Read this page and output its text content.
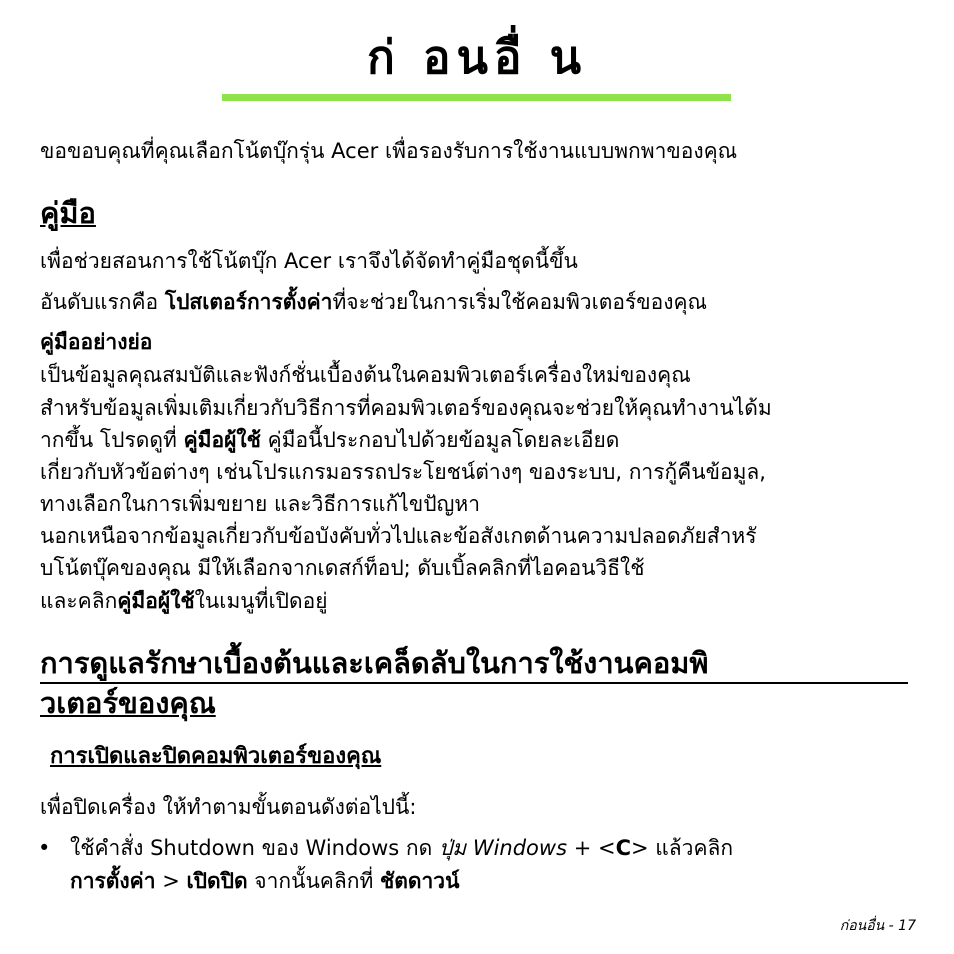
ก่ อนอื่ น

ขอขอบคุณที่คุณเลือกโน้ตบุ๊กรุ่น Acer เพื่อรองรับการใช้งานแบบพกพาของคุณ

คู่มือ

เพื่อช่วยสอนการใช้โน้ตบุ๊ก Acer เราจึงได้จัดทำคู่มือชุดนี้ขึ้น

อันดับแรกคือ โปสเตอร์การตั้งค่าที่จะช่วยในการเริ่มใช้คอมพิวเตอร์ของคุณ

คู่มืออย่างย่อ

เป็นข้อมูลคุณสมบัติและฟังก์ชั่นเบื้องต้นในคอมพิวเตอร์เครื่องใหม่ของคุณ

สำหรับข้อมูลเพิ่มเติมเกี่ยวกับวิธีการที่คอมพิวเตอร์ของคุณจะช่วยให้คุณทำงานได้ม

ากขึ้น โปรดดูที่ คู่มือผู้ใช้ คู่มือนี้ประกอบไปด้วยข้อมูลโดยละเอียด

เกี่ยวกับหัวข้อต่างๆ เช่นโปรแกรมอรรถประโยชน์ต่างๆ ของระบบ, การกู้คืนข้อมูล,

ทางเลือกในการเพิ่มขยาย และวิธีการแก้ไขปัญหา

นอกเหนือจากข้อมูลเกี่ยวกับข้อบังคับทั่วไปและข้อสังเกตด้านความปลอดภัยสำหรั

บโน้ตบุ๊คของคุณ มีให้เลือกจากเดสก์ท็อป; ดับเบิ้ลคลิกที่ไอคอนวิธีใช้

และคลิกคู่มือผู้ใช้ในเมนูที่เปิดอยู่

การดูแลรักษาเบื้องต้นและเคล็ดลับในการใช้งานคอมพิ
วเตอร์ของคุณ
การเปิดและปิดคอมพิวเตอร์ของคุณ

เพื่อปิดเครื่อง ให้ทำตามขั้นตอนดังต่อไปนี้:

• ใช้คำสั่ง Shutdown ของ Windows กด ปุ่ม Windows + <C> แล้วคลิก

การตั้งค่า > เปิดปิด จากนั้นคลิกที่ ชัตดาวน์

ก่อนอื่น - 17
